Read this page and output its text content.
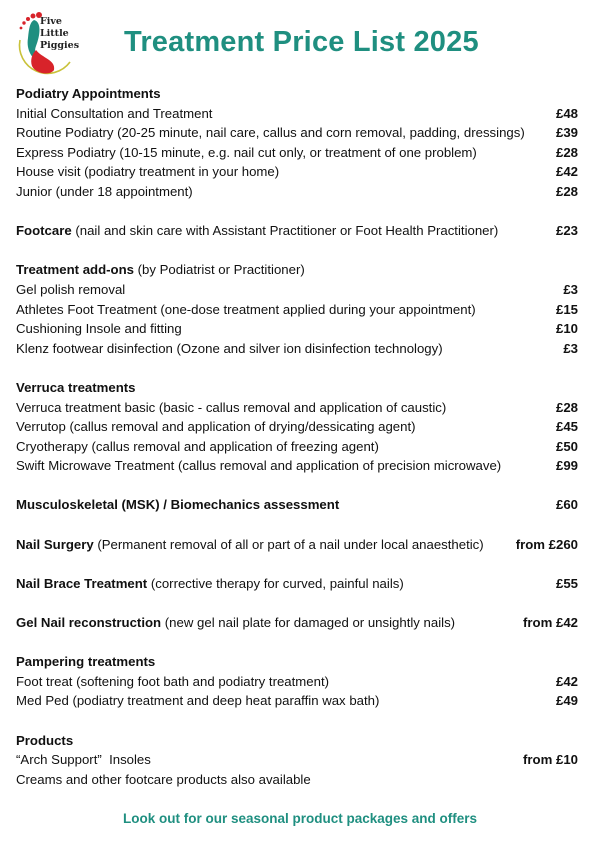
Five
Little
Piggies Treatment Price List 2025
Podiatry Appointments
Initial Consultation and Treatment	£48
Routine Podiatry (20-25 minute, nail care, callus and corn removal, padding, dressings) £39
Express Podiatry (10-15 minute, e.g. nail cut only, or treatment of one problem)	£28
House visit (podiatry treatment in your home)	£42
Junior (under 18 appointment)	£28
Footcare (nail and skin care with Assistant Practitioner or Foot Health Practitioner)	£23
Treatment add-ons (by Podiatrist or Practitioner)
Gel polish removal	£3
Athletes Foot Treatment (one-dose treatment applied during your appointment)	£15
Cushioning Insole and fitting	£10
Klenz footwear disinfection (Ozone and silver ion disinfection technology)	£3
Verruca treatments
Verruca treatment basic (basic - callus removal and application of caustic)	£28
Verrutop (callus removal and application of drying/dessicating agent)	£45
Cryotherapy (callus removal and application of freezing agent)	£50
Swift Microwave Treatment (callus removal and application of precision microwave)	£99
Musculoskeletal (MSK) / Biomechanics assessment	£60
Nail Surgery (Permanent removal of all or part of a nail under local anaesthetic) from £260
Nail Brace Treatment (corrective therapy for curved, painful nails)	£55
Gel Nail reconstruction (new gel nail plate for damaged or unsightly nails)	from £42
Pampering treatments
Foot treat (softening foot bath and podiatry treatment)	£42
Med Ped (podiatry treatment and deep heat paraffin wax bath)	£49
Products
“Arch Support”  Insoles	from £10
Creams and other footcare products also available
Look out for our seasonal product packages and offers
